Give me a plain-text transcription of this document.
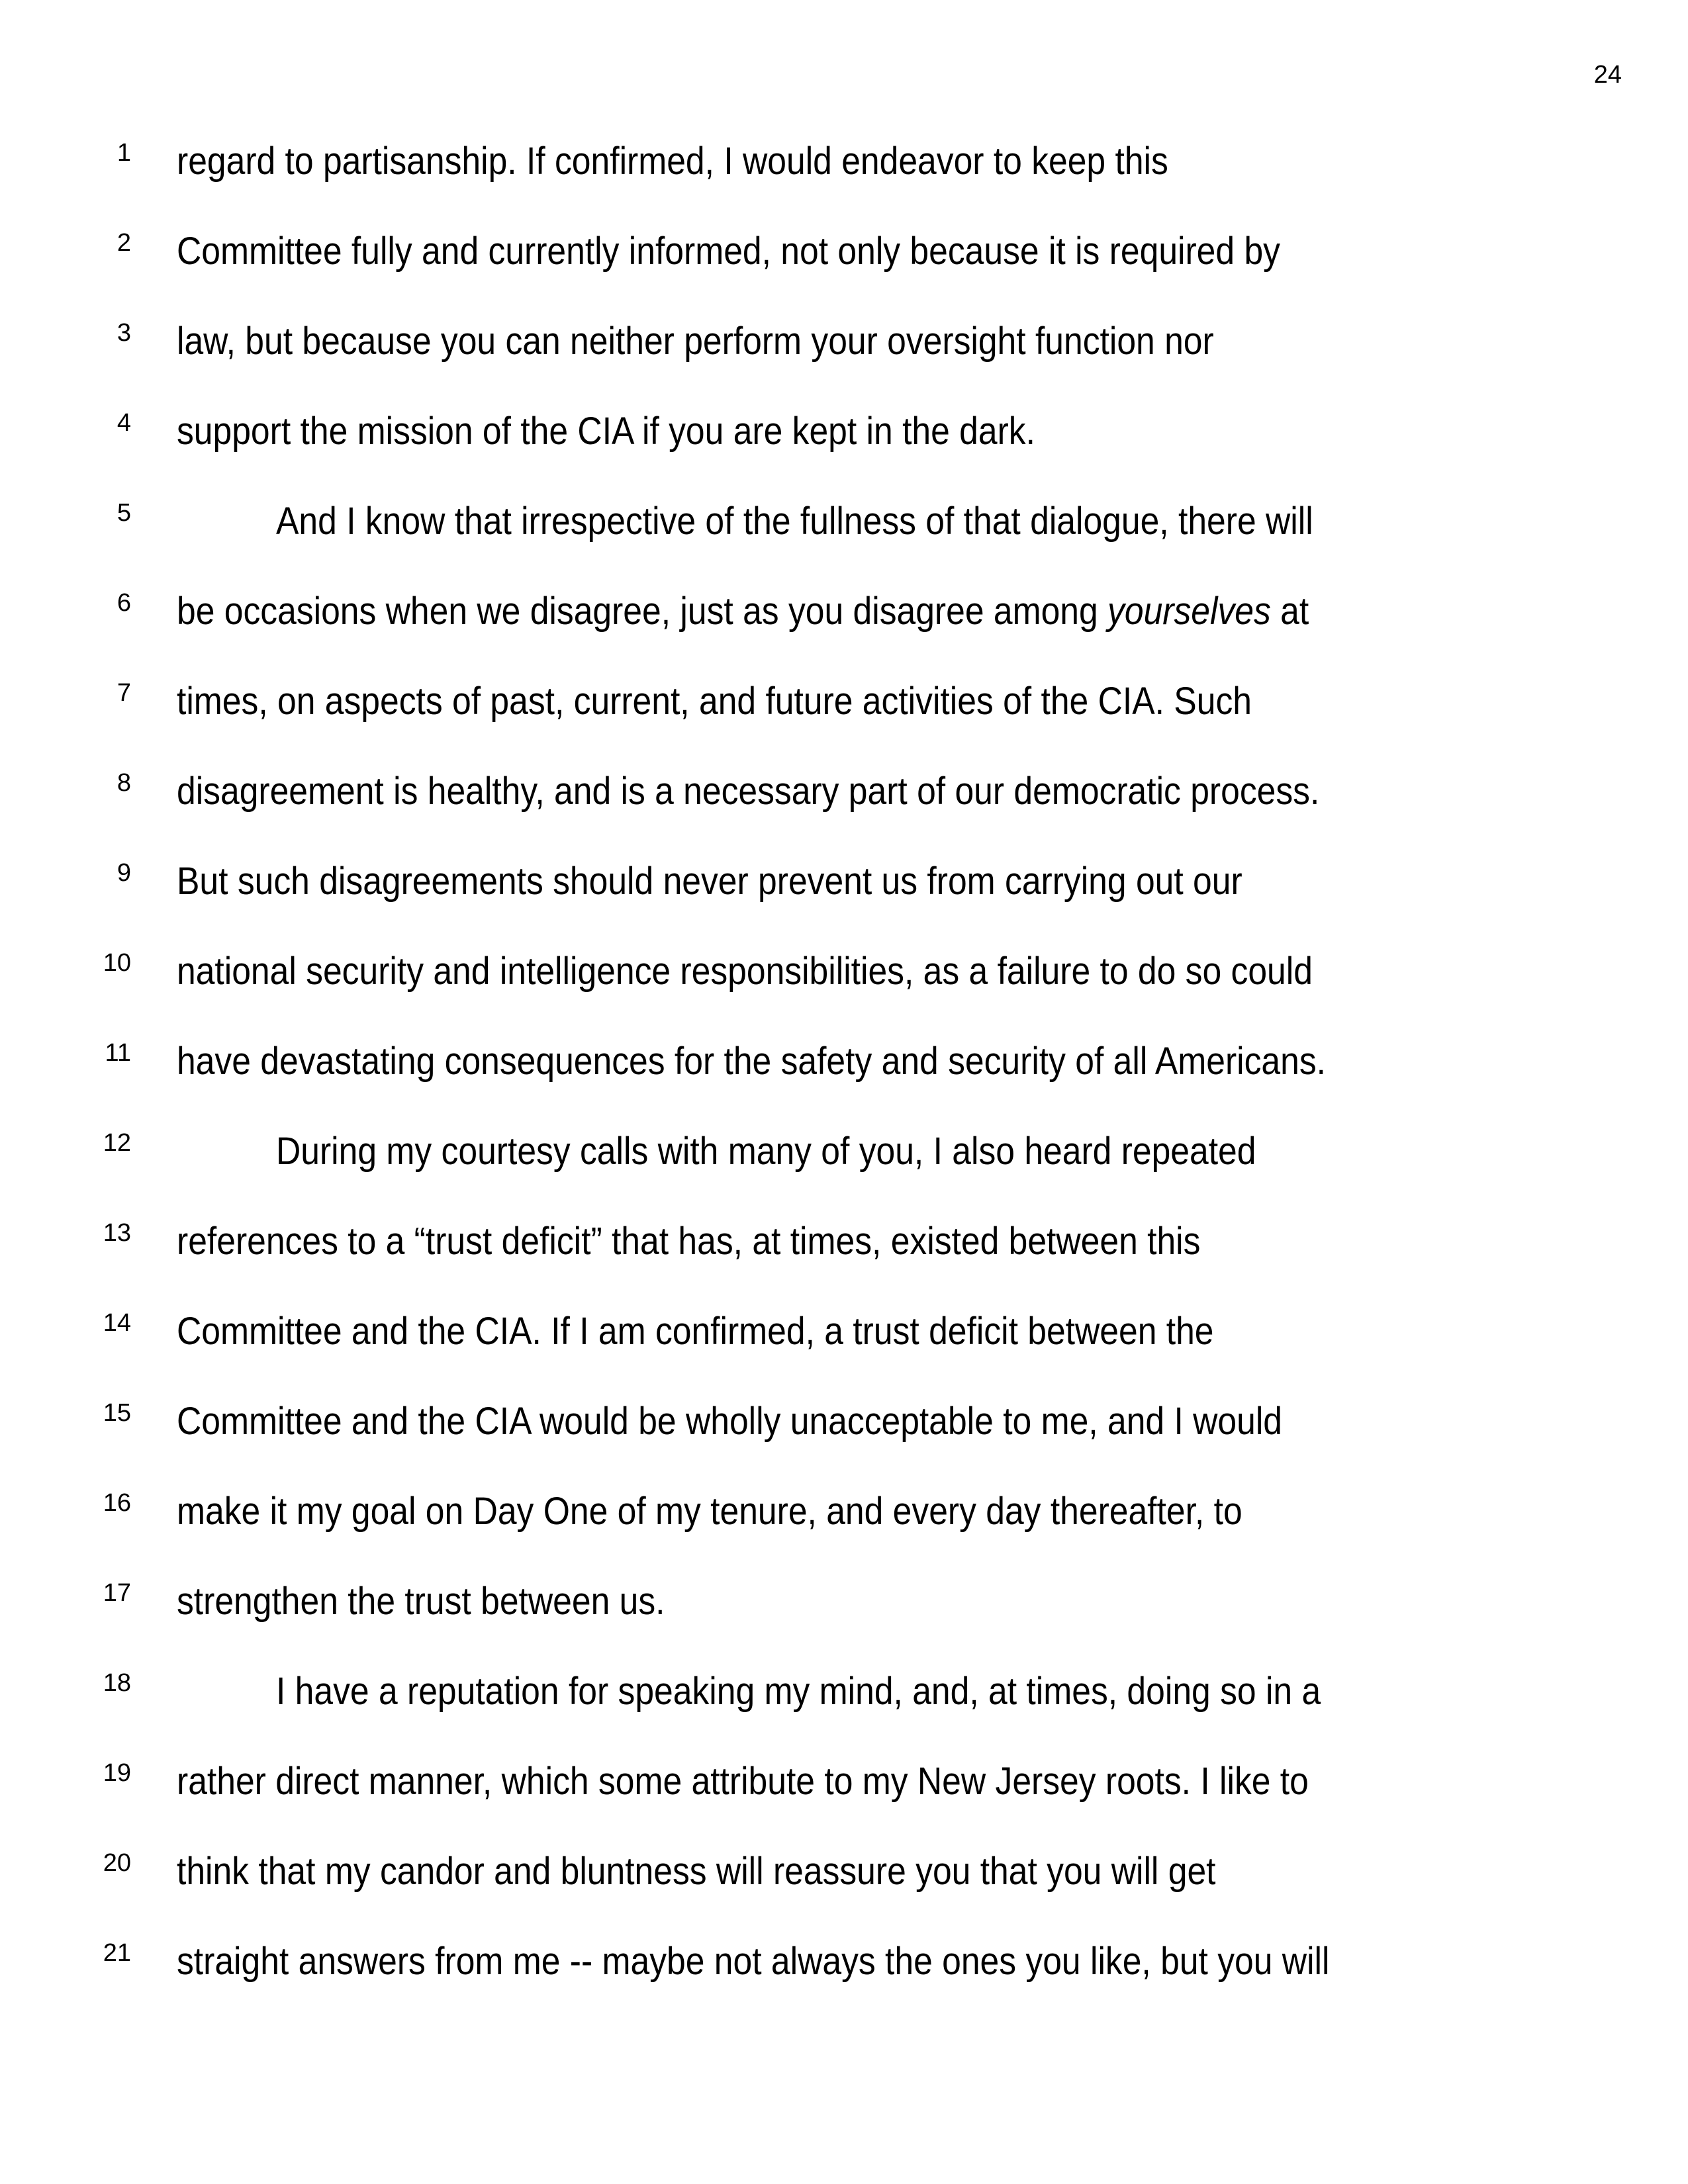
24
1 regard to partisanship. If confirmed, I would endeavor to keep this
2 Committee fully and currently informed, not only because it is required by
3 law, but because you can neither perform your oversight function nor
4 support the mission of the CIA if you are kept in the dark.
5	And I know that irrespective of the fullness of that dialogue, there will
6 be occasions when we disagree, just as you disagree among yourselves at
7 times, on aspects of past, current, and future activities of the CIA. Such
8 disagreement is healthy, and is a necessary part of our democratic process.
9 But such disagreements should never prevent us from carrying out our
10 national security and intelligence responsibilities, as a failure to do so could
11 have devastating consequences for the safety and security of all Americans.
12	During my courtesy calls with many of you, I also heard repeated
13 references to a “trust deficit” that has, at times, existed between this
14 Committee and the CIA. If I am confirmed, a trust deficit between the
15 Committee and the CIA would be wholly unacceptable to me, and I would
16 make it my goal on Day One of my tenure, and every day thereafter, to
17 strengthen the trust between us.
18	I have a reputation for speaking my mind, and, at times, doing so in a
19 rather direct manner, which some attribute to my New Jersey roots. I like to
20 think that my candor and bluntness will reassure you that you will get
21 straight answers from me -- maybe not always the ones you like, but you will
